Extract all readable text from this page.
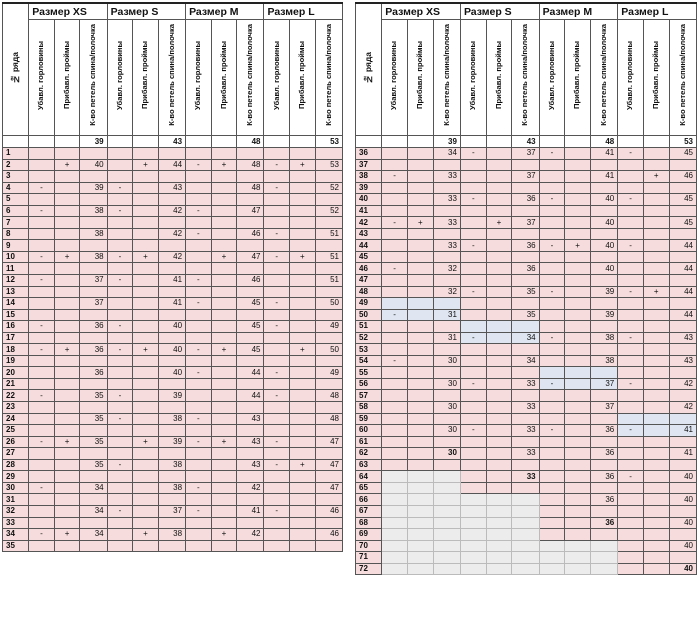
№ ряда	Размер XS			Размер S			Размер M			Размер L		
	Убавл. горловины	Прибавл. проймы	К-во петель спина/полочка	Убавл. горловины	Прибавл. проймы	К-во петель спина/полочка	Убавл. горловины	Прибавл. проймы	К-во петель спина/полочка	Убавл. горловины	Прибавл. проймы	К-во петель спина/полочка
			39			43			48			53
1												
2		+	40		+	44	-	+	48	-	+	53
3												
4	-		39	-		43			48	-		52
5												
6	-		38	-		42	-		47			52
7												
8			38			42	-		46	-		51
9												
10	-	+	38	-	+	42		+	47	-	+	51
11												
12	-		37	-		41	-		46			51
13												
14			37			41	-		45	-		50
15												
16	-		36	-		40			45	-		49
17												
18	-	+	36	-	+	40	-	+	45		+	50
19												
20			36			40	-		44	-		49
21												
22	-		35	-		39			44	-		48
23												
24			35	-		38	-		43			48
25												
26	-	+	35		+	39	-	+	43	-		47
27												
28			35	-		38			43	-	+	47
29												
30	-		34			38	-		42			47
31												
32			34	-		37	-		41	-		46
33												
34	-	+	34		+	38		+	42			46
35												
№ ряда	Размер XS			Размер S			Размер M			Размер L		
	Убавл. горловины	Прибавл. проймы	К-во петель спина/полочка	Убавл. горловины	Прибавл. проймы	К-во петель спина/полочка	Убавл. горловины	Прибавл. проймы	К-во петель спина/полочка	Убавл. горловины	Прибавл. проймы	К-во петель спина/полочка
			39			43			48			53
36			34	-		37	-		41	-		45
37												
38	-		33			37			41		+	46
39												
40			33	-		36	-		40	-		45
41												
42	-	+	33		+	37			40			45
43												
44			33	-		36	-	+	40	-		44
45												
46	-		32			36			40			44
47												
48			32	-		35	-		39	-	+	44
49												
50	-		31			35			39			44
51												
52			31	-		34	-		38	-		43
53												
54	-		30			34			38			43
55												
56			30	-		33	-		37	-		42
57												
58			30			33			37			42
59												
60			30	-		33	-		36	-		41
61												
62			30			33			36			41
63												
64						33			36	-		40
65												
66									36			40
67												
68									36			40
69												
70												40
71												
72												40
